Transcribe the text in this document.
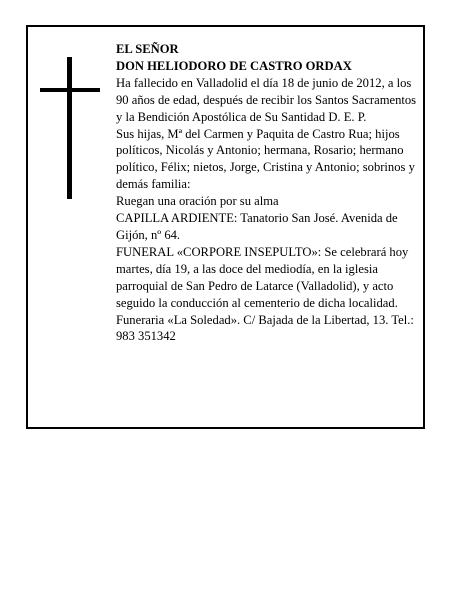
EL SEÑOR

DON HELIODORO DE CASTRO ORDAX

Ha fallecido en Valladolid el día 18 de junio de 2012, a los 90 años de edad, después de recibir los Santos Sacramentos y la Bendición Apostólica de Su Santidad D. E. P.

Sus hijas, Mª del Carmen y Paquita de Castro Rua; hijos políticos, Nicolás y Antonio; hermana, Rosario; hermano político, Félix; nietos, Jorge, Cristina y Antonio; sobrinos y demás familia:

Ruegan una oración por su alma

CAPILLA ARDIENTE: Tanatorio San José. Avenida de Gijón, nº 64.

FUNERAL «CORPORE INSEPULTO»: Se celebrará hoy martes, día 19, a las doce del mediodía, en la iglesia parroquial de San Pedro de Latarce (Valladolid), y acto seguido la conducción al cementerio de dicha localidad.

Funeraria «La Soledad». C/ Bajada de la Libertad, 13. Tel.: 983 351342
